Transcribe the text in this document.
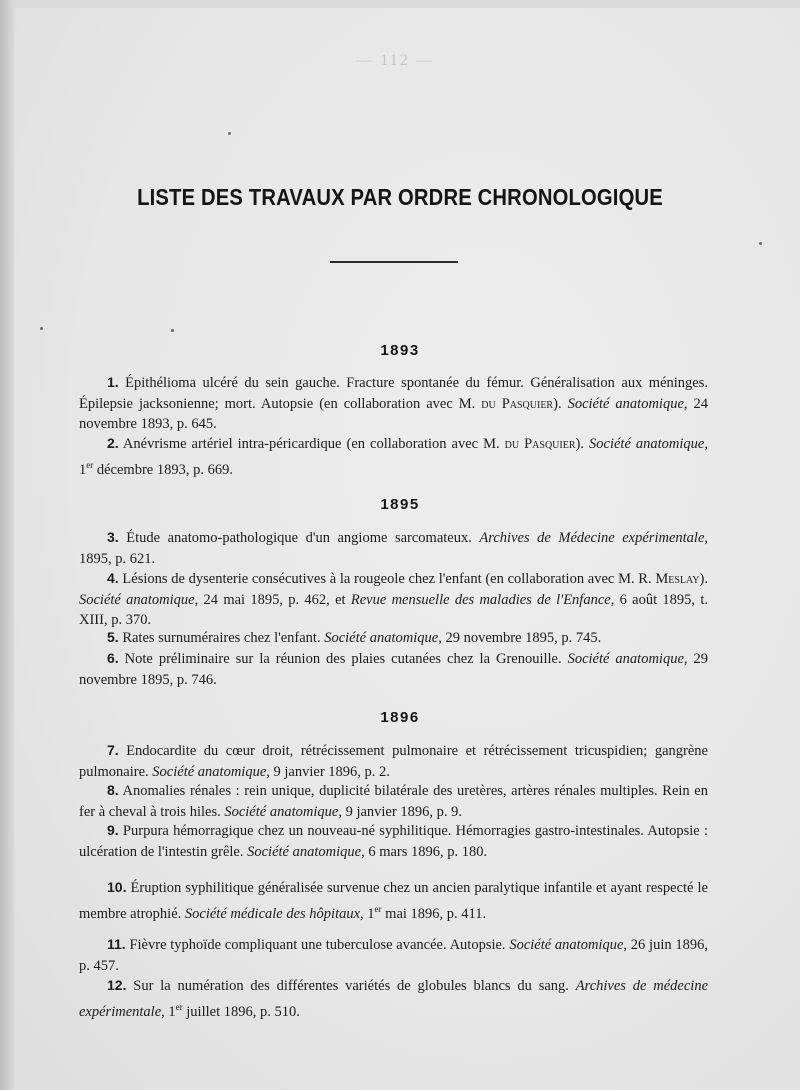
— 112 —
LISTE DES TRAVAUX PAR ORDRE CHRONOLOGIQUE
1893
1. Épithélioma ulcéré du sein gauche. Fracture spontanée du fémur. Généralisation aux méninges. Épilepsie jacksonienne; mort. Autopsie (en collaboration avec M. du Pasquier). Société anatomique, 24 novembre 1893, p. 645.
2. Anévrisme artériel intra-péricardique (en collaboration avec M. du Pasquier). Société anatomique, 1er décembre 1893, p. 669.
1895
3. Étude anatomo-pathologique d'un angiome sarcomateux. Archives de Médecine expérimentale, 1895, p. 621.
4. Lésions de dysenterie consécutives à la rougeole chez l'enfant (en collaboration avec M. R. Meslay). Société anatomique, 24 mai 1895, p. 462, et Revue mensuelle des maladies de l'Enfance, 6 août 1895, t. XIII, p. 370.
5. Rates surnuméraires chez l'enfant. Société anatomique, 29 novembre 1895, p. 745.
6. Note préliminaire sur la réunion des plaies cutanées chez la Grenouille. Société anatomique, 29 novembre 1895, p. 746.
1896
7. Endocardite du cœur droit, rétrécissement pulmonaire et rétrécissement tricuspidien; gangrène pulmonaire. Société anatomique, 9 janvier 1896, p. 2.
8. Anomalies rénales : rein unique, duplicité bilatérale des uretères, artères rénales multiples. Rein en fer à cheval à trois hiles. Société anatomique, 9 janvier 1896, p. 9.
9. Purpura hémorragique chez un nouveau-né syphilitique. Hémorragies gastro-intestinales. Autopsie : ulcération de l'intestin grêle. Société anatomique, 6 mars 1896, p. 180.
10. Éruption syphilitique généralisée survenue chez un ancien paralytique infantile et ayant respecté le membre atrophié. Société médicale des hôpitaux, 1er mai 1896, p. 411.
11. Fièvre typhoïde compliquant une tuberculose avancée. Autopsie. Société anatomique, 26 juin 1896, p. 457.
12. Sur la numération des différentes variétés de globules blancs du sang. Archives de médecine expérimentale, 1er juillet 1896, p. 510.
